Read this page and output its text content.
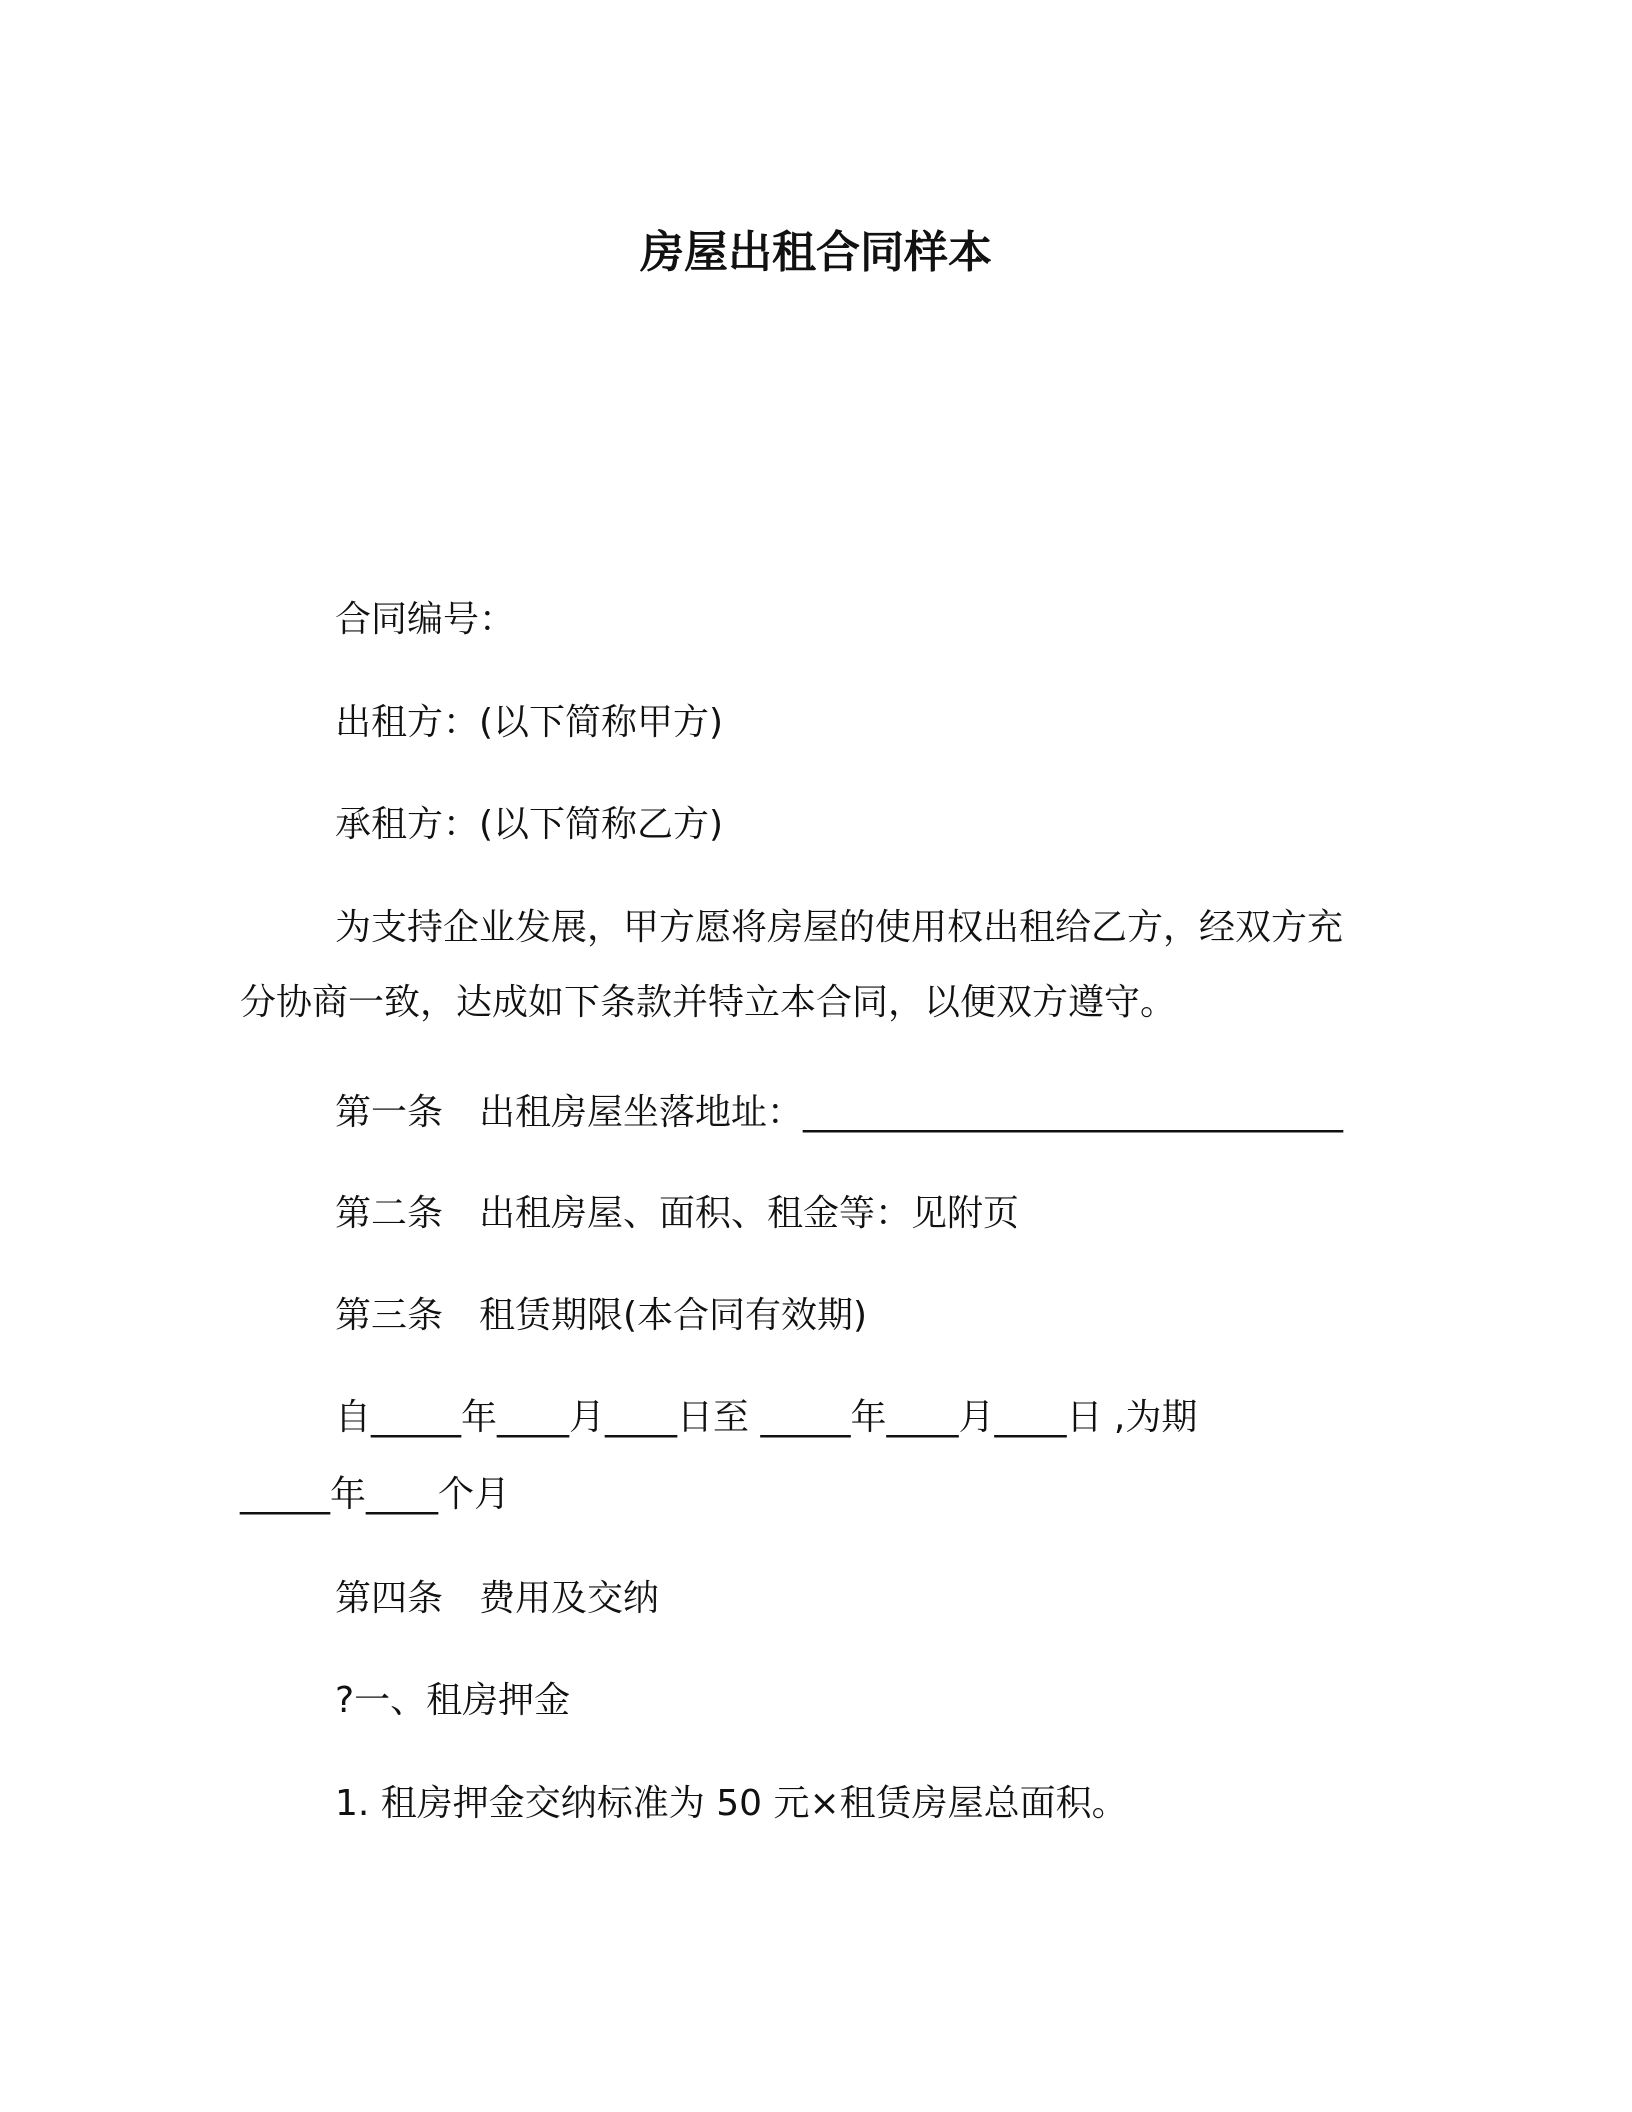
房屋出租合同样本

合同编号：

出租方：(以下简称甲方)

承租方：(以下简称乙方)

为支持企业发展，甲方愿将房屋的使用权出租给乙方，经双方充

分协商一致，达成如下条款并特立本合同，以便双方遵守。

第一条　出租房屋坐落地址：______________________________

第二条　出租房屋、面积、租金等：见附页

第三条　租赁期限(本合同有效期)

自_____年____月____日至 _____年____月____日 ,为期

_____年____个月

第四条　费用及交纳

?一、租房押金

1. 租房押金交纳标准为 50 元×租赁房屋总面积。
